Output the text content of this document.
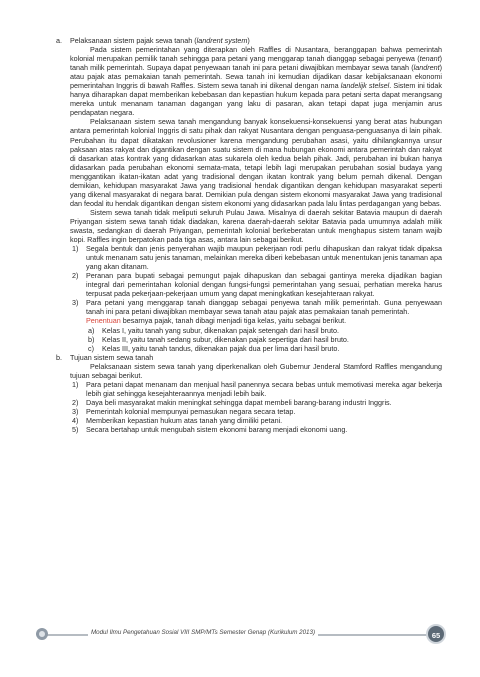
a. Pelaksanaan sistem pajak sewa tanah (landrent system)

Pada sistem pemerintahan yang diterapkan oleh Raffles di Nusantara, beranggapan bahwa pemerintah kolonial merupakan pemilik tanah sehingga para petani yang menggarap tanah dianggap sebagai penyewa (tenant) tanah milik pemerintah. Supaya dapat penyewaan tanah ini para petani diwajibkan membayar sewa tanah (landrent) atau pajak atas pemakaian tanah pemerintah. Sewa tanah ini kemudian dijadikan dasar kebijaksanaan ekonomi pemerintahan Inggris di bawah Raffles. Sistem sewa tanah ini dikenal dengan nama landelijk stelsel. Sistem ini tidak hanya diharapkan dapat memberikan kebebasan dan kepastian hukum kepada para petani serta dapat merangsang mereka untuk menanam tanaman dagangan yang laku di pasaran, akan tetapi dapat juga menjamin arus pendapatan negara.

Pelaksanaan sistem sewa tanah mengandung banyak konsekuensi-konsekuensi yang berat atas hubungan antara pemerintah kolonial Inggris di satu pihak dan rakyat Nusantara dengan penguasa-penguasanya di lain pihak. Perubahan itu dapat dikatakan revolusioner karena mengandung perubahan asasi, yaitu dihilangkannya unsur paksaan atas rakyat dan digantikan dengan suatu sistem di mana hubungan ekonomi antara pemerintah dan rakyat di dasarkan atas kontrak yang didasarkan atas sukarela oleh kedua belah pihak. Jadi, perubahan ini bukan hanya didasarkan pada perubahan ekonomi semata-mata, tetapi lebih lagi merupakan perubahan sosial budaya yang menggantikan ikatan-ikatan adat yang tradisional dengan ikatan kontrak yang belum pernah dikenal. Dengan demikian, kehidupan masyarakat Jawa yang tradisional hendak digantikan dengan kehidupan masyarakat seperti yang dikenal masyarakat di negara barat. Demikian pula dengan sistem ekonomi masyarakat Jawa yang tradisional dan feodal itu hendak digantikan dengan sistem ekonomi yang didasarkan pada lalu lintas perdagangan yang bebas.

Sistem sewa tanah tidak meliputi seluruh Pulau Jawa. Misalnya di daerah sekitar Batavia maupun di daerah Priyangan sistem sewa tanah tidak diadakan, karena daerah-daerah sekitar Batavia pada umumnya adalah milik swasta, sedangkan di daerah Priyangan, pemerintah kolonial berkeberatan untuk menghapus sistem tanam wajib kopi. Raffles ingin berpatokan pada tiga asas, antara lain sebagai berikut.

1) Segala bentuk dan jenis penyerahan wajib maupun pekerjaan rodi perlu dihapuskan dan rakyat tidak dipaksa untuk menanam satu jenis tanaman, melainkan mereka diberi kebebasan untuk menentukan jenis tanaman apa yang akan ditanam.
2) Peranan para bupati sebagai pemungut pajak dihapuskan dan sebagai gantinya mereka dijadikan bagian integral dari pemerintahan kolonial dengan fungsi-fungsi pemerintahan yang sesuai, perhatian mereka harus terpusat pada pekerjaan-pekerjaan umum yang dapat meningkatkan kesejahteraan rakyat.
3) Para petani yang menggarap tanah dianggap sebagai penyewa tanah milik pemerintah. Guna penyewaan tanah ini para petani diwajibkan membayar sewa tanah atau pajak atas pemakaian tanah pemerintah.

Penentuan besarnya pajak, tanah dibagi menjadi tiga kelas, yaitu sebagai berikut.

a) Kelas I, yaitu tanah yang subur, dikenakan pajak setengah dari hasil bruto.
b) Kelas II, yaitu tanah sedang subur, dikenakan pajak sepertiga dari hasil bruto.
c) Kelas III, yaitu tanah tandus, dikenakan pajak dua per lima dari hasil bruto.
b. Tujuan sistem sewa tanah

Pelaksanaan sistem sewa tanah yang diperkenalkan oleh Gubernur Jenderal Stamford Raffles mengandung tujuan sebagai berikut.

1) Para petani dapat menanam dan menjual hasil panennya secara bebas untuk memotivasi mereka agar bekerja lebih giat sehingga kesejahteraannya menjadi lebih baik.
2) Daya beli masyarakat makin meningkat sehingga dapat membeli barang-barang industri Inggris.
3) Pemerintah kolonial mempunyai pemasukan negara secara tetap.
4) Memberikan kepastian hukum atas tanah yang dimiliki petani.
5) Secara bertahap untuk mengubah sistem ekonomi barang menjadi ekonomi uang.
Modul Ilmu Pengetahuan Sosial VIII SMP/MTs Semester Genap (Kurikulum 2013)	65
